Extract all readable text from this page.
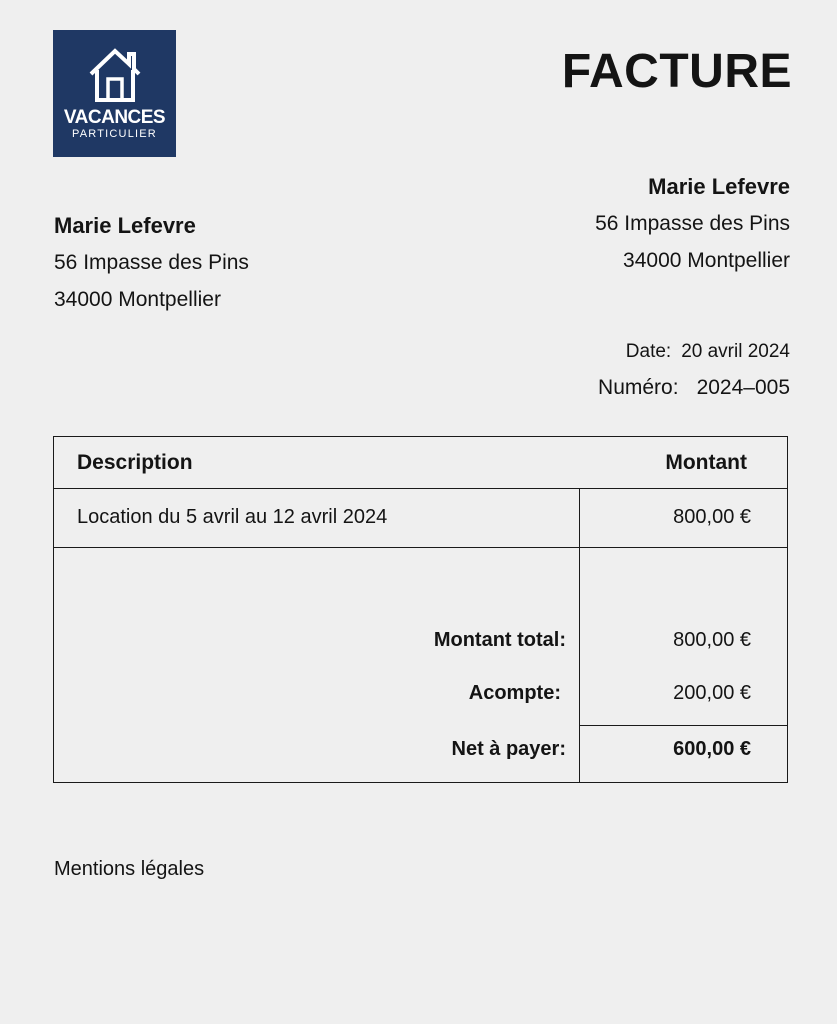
VACANCES
PARTICULIER
FACTURE
Marie Lefevre
56 Impasse des Pins
34000 Montpellier
Marie Lefevre
56 Impasse des Pins
34000 Montpellier
Date: 20 avril 2024
Numéro: 2024–005
Description	Montant
Location du 5 avril au 12 avril 2024	800,00 €
Montant total:	800,00 €
Acompte:	200,00 €
Net à payer:	600,00 €
Mentions légales
